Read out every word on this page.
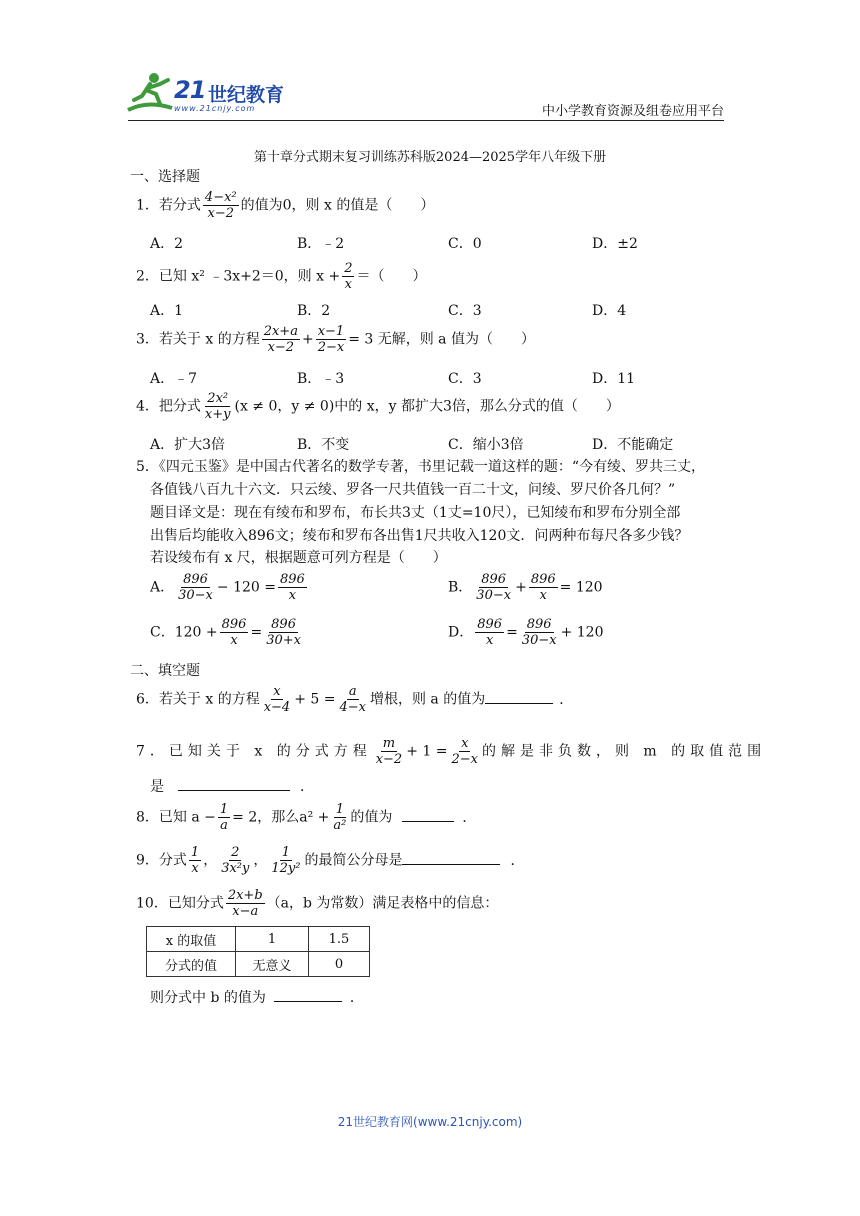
21 世纪教育
www.21cnjy.com	中小学教育资源及组卷应用平台
第十章分式期末复习训练苏科版2024—2025学年八年级下册
一、选择题
1．若分式 $\frac{\text{4−x²}}{x-2}$ 的值为0，则 x 的值是（　　）
A．2	B．﹣2	C．0	D．±2
2．已知 x² ﹣3x+2＝0，则 $x + \frac{2}{x}$ ＝（　　）
A．1	B．2	C．3	D．4
3．若关于 x 的方程 $\frac{2x+a}{x-2} + \frac{x-1}{2-x} = 3$ 无解，则 a 值为（　　）
A．﹣7	B．﹣3	C．3	D．11
4．把分式 $\frac{\text{2x²}}{x+y} (x \ne 0$，y ≠ 0)中的 x，y 都扩大3倍，那么分式的值（　　）
A．扩大3倍	B．不变	C．缩小3倍	D．不能确定
5．《四元玉鉴》是中国古代著名的数学专著，书里记载一道这样的题：“今有绫、罗共三丈，
各值钱八百九十六文．只云绫、罗各一尺共值钱一百二十文，问绫、罗尺价各几何？”
题目译文是：现在有绫布和罗布，布长共3丈（1丈=10尺），已知绫布和罗布分别全部
出售后均能收入896文；绫布和罗布各出售1尺共收入120文．问两种布每尺各多少钱？
若设绫布有 x 尺，根据题意可列方程是（　　）
A． $\frac{896}{30-x} - 120 = \frac{896}{x}$	B． $\frac{896}{30-x} + \frac{896}{x} = 120$
C．$120 + \frac{896}{x} = \frac{896}{30+x}$	D． $\frac{896}{x} = \frac{896}{30-x} + 120$
二、填空题
6．若关于 x 的方程 $\frac{x}{x-4} + 5 = \frac{a}{4-x}$ 增根，则 a 的值为	．
7．已知关于 x 的分式方程 $\frac{m}{x-2} + 1 = \frac{x}{2-x}$ 的解是非负数，则 m 的取值范围
是	．
8．已知 $a - \frac{1}{a} = 2$，那么$a^2 + \frac{1}{\text{a²}}$ 的值为	．
9．分式 $\frac{1}{x}$ ， $\frac{2}{\text{3x²y}}$ ， $\frac{1}{\text{12y²}}$ 的最简公分母是	．
10．已知分式 $\frac{2x+b}{x-a} (a$，b 为常数）满足表格中的信息：
x 的取值	1	1.5
分式的值	无意义	0
则分式中 b 的值为	．
21世纪教育网(www.21cnjy.com)
